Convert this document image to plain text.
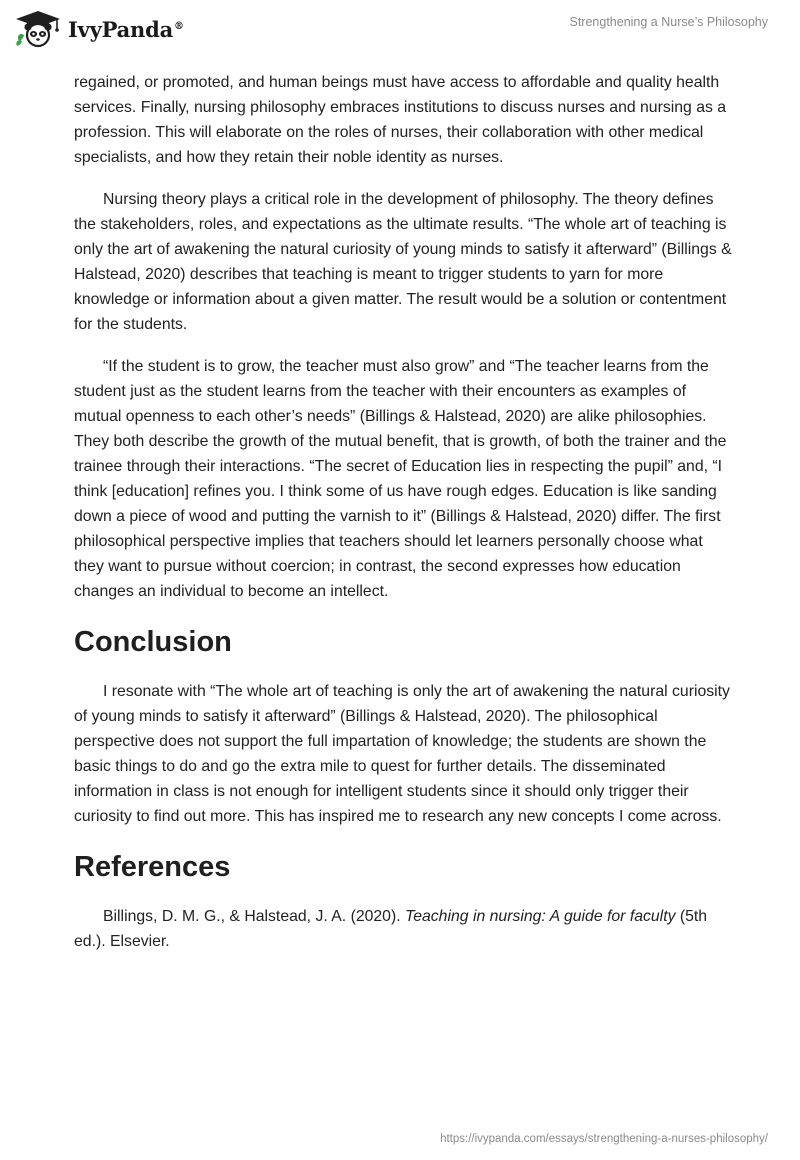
IvyPanda®	Strengthening a Nurse’s Philosophy

regained, or promoted, and human beings must have access to affordable and quality health services. Finally, nursing philosophy embraces institutions to discuss nurses and nursing as a profession. This will elaborate on the roles of nurses, their collaboration with other medical specialists, and how they retain their noble identity as nurses.

Nursing theory plays a critical role in the development of philosophy. The theory defines the stakeholders, roles, and expectations as the ultimate results. “The whole art of teaching is only the art of awakening the natural curiosity of young minds to satisfy it afterward” (Billings & Halstead, 2020) describes that teaching is meant to trigger students to yarn for more knowledge or information about a given matter. The result would be a solution or contentment for the students.

“If the student is to grow, the teacher must also grow” and “The teacher learns from the student just as the student learns from the teacher with their encounters as examples of mutual openness to each other’s needs” (Billings & Halstead, 2020) are alike philosophies. They both describe the growth of the mutual benefit, that is growth, of both the trainer and the trainee through their interactions. “The secret of Education lies in respecting the pupil” and, “I think [education] refines you. I think some of us have rough edges. Education is like sanding down a piece of wood and putting the varnish to it” (Billings & Halstead, 2020) differ. The first philosophical perspective implies that teachers should let learners personally choose what they want to pursue without coercion; in contrast, the second expresses how education changes an individual to become an intellect.

Conclusion

I resonate with “The whole art of teaching is only the art of awakening the natural curiosity of young minds to satisfy it afterward” (Billings & Halstead, 2020). The philosophical perspective does not support the full impartation of knowledge; the students are shown the basic things to do and go the extra mile to quest for further details. The disseminated information in class is not enough for intelligent students since it should only trigger their curiosity to find out more. This has inspired me to research any new concepts I come across.

References

Billings, D. M. G., & Halstead, J. A. (2020). Teaching in nursing: A guide for faculty (5th ed.). Elsevier.

https://ivypanda.com/essays/strengthening-a-nurses-philosophy/
